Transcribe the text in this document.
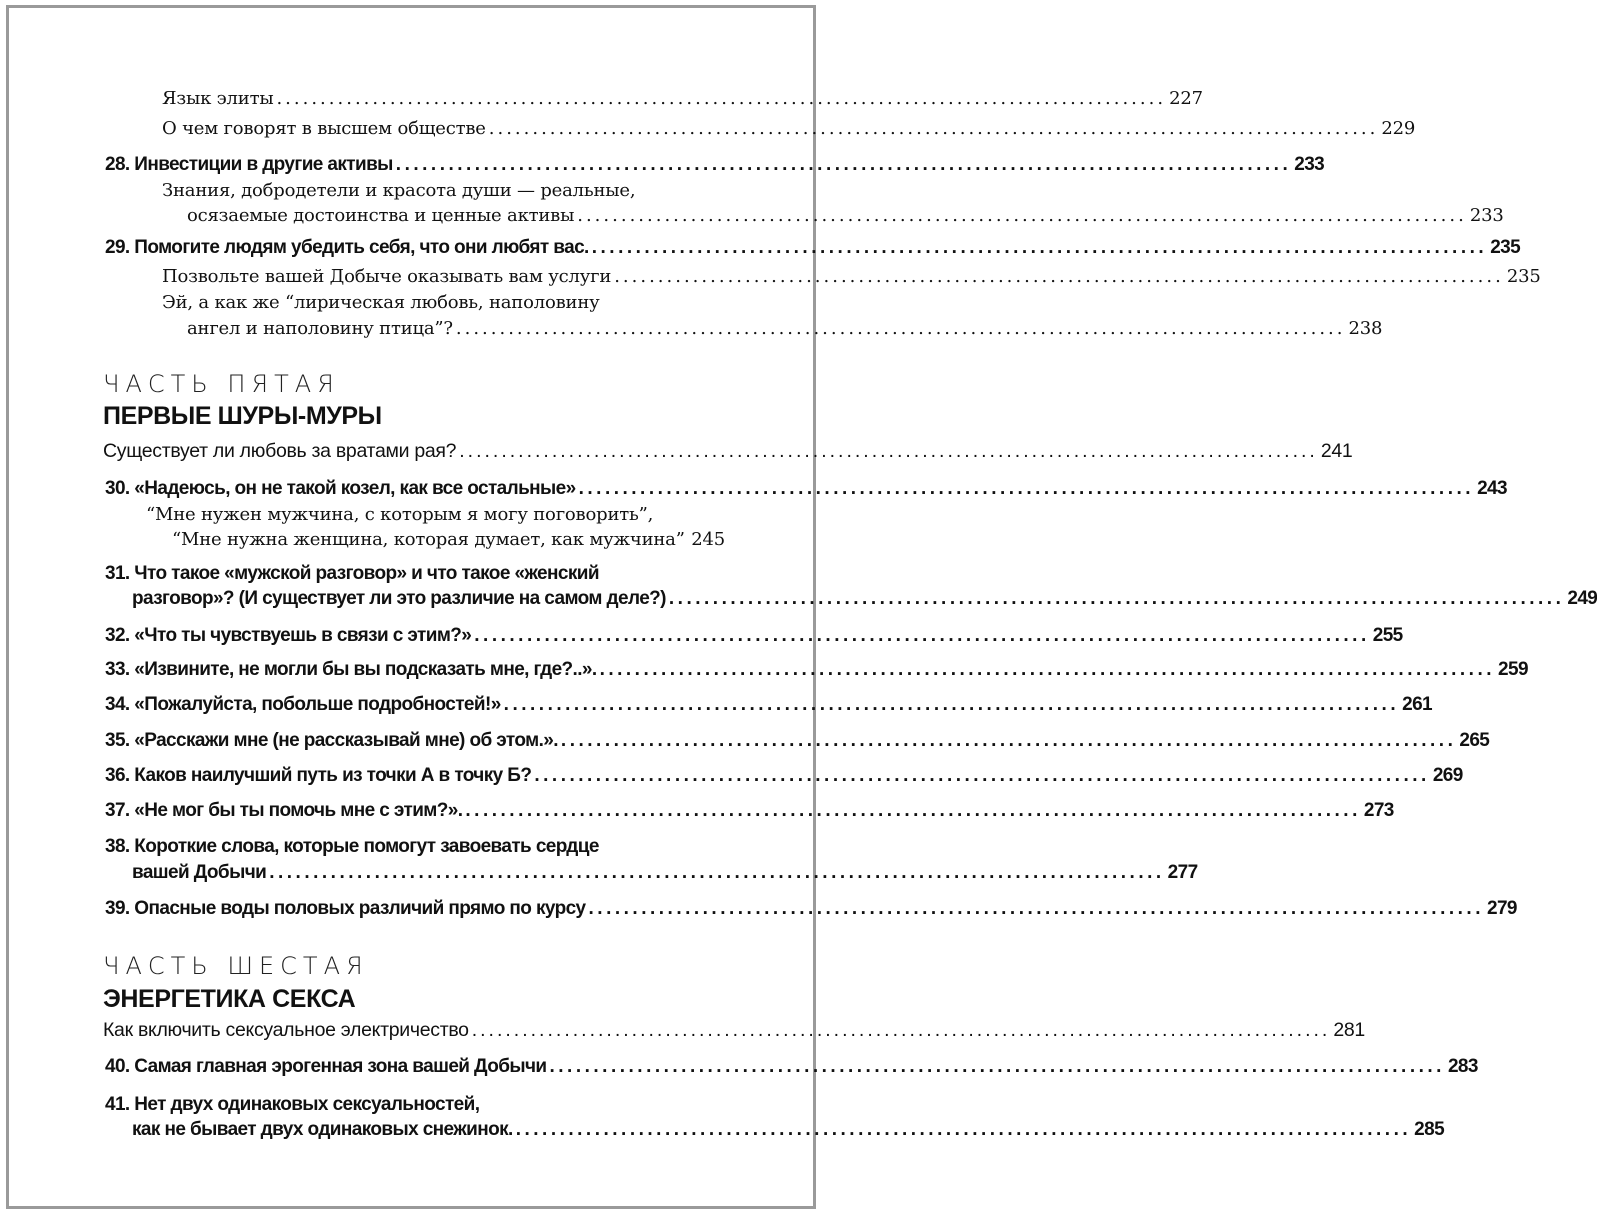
Язык элиты ...................................................................................................... 227
О чем говорят в высшем обществе ...................................................................................................... 229
28. Инвестиции в другие активы ...................................................................................................... 233
Знания, добродетели и красота души — реальные,
осязаемые достоинства и ценные активы ...................................................................................................... 233
29. Помогите людям убедить себя, что они любят вас. ...................................................................................................... 235
Позвольте вашей Добыче оказывать вам услуги ...................................................................................................... 235
Эй, а как же “лирическая любовь, наполовину
ангел и наполовину птица”? ...................................................................................................... 238
ЧАСТЬ ПЯТАЯ
ПЕРВЫЕ ШУРЫ-МУРЫ
Существует ли любовь за вратами рая? ...................................................................................................... 241
30. «Надеюсь, он не такой козел, как все остальные» ...................................................................................................... 243
“Мне нужен мужчина, с которым я могу поговорить”,
“Мне нужна женщина, которая думает, как мужчина” 245
31. Что такое «мужской разговор» и что такое «женский
разговор»? (И существует ли это различие на самом деле?) ...................................................................................................... 249
32. «Что ты чувствуешь в связи с этим?» ...................................................................................................... 255
33. «Извините, не могли бы вы подсказать мне, где?..». ...................................................................................................... 259
34. «Пожалуйста, побольше подробностей!» ...................................................................................................... 261
35. «Расскажи мне (не рассказывай мне) об этом.». ...................................................................................................... 265
36. Каков наилучший путь из точки А в точку Б? ...................................................................................................... 269
37. «Не мог бы ты помочь мне с этим?». ...................................................................................................... 273
38. Короткие слова, которые помогут завоевать сердце
вашей Добычи ...................................................................................................... 277
39. Опасные воды половых различий прямо по курсу ...................................................................................................... 279
ЧАСТЬ ШЕСТАЯ
ЭНЕРГЕТИКА СЕКСА
Как включить сексуальное электричество ...................................................................................................... 281
40. Самая главная эрогенная зона вашей Добычи ...................................................................................................... 283
41. Нет двух одинаковых сексуальностей,
как не бывает двух одинаковых снежинок. ...................................................................................................... 285
